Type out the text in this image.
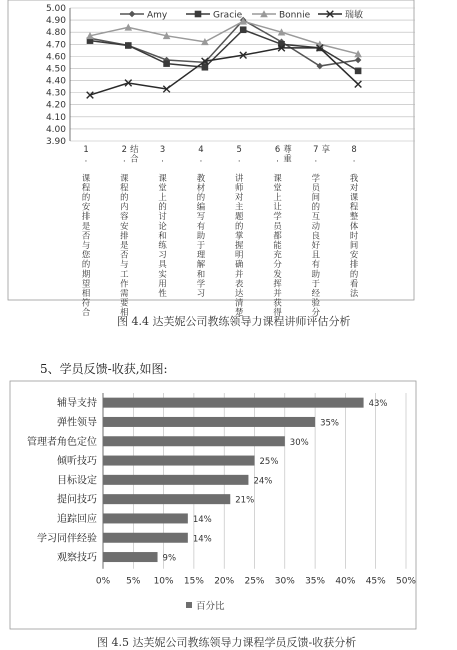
3.90
4.00
4.10
4.20
4.30
4.40
4.50
4.60
4.70
4.80
4.90
5.00
Amy	Gracie	Bonnie	瑞敏
1
.
课
程
的
安
排
是
否
与
您
的
期
望
相
符
合
2
.
课
程
的
内
容
安
排
是
否
与
工
作
需
要
相
结
合
3
.
课
堂
上
的
讨
论
和
练
习
具
实
用
性
4
.
教
材
的
编
写
有
助
于
理
解
和
学
习
5
.
讲
师
对
主
题
的
掌
握
明
确
并
表
达
清
楚
6
.
课
堂
上
让
学
员
都
能
充
分
发
挥
并
获
得
尊
重
7
.
学
员
间
的
互
动
良
好
且
有
助
于
经
验
分
享	8
.
我
对
课
程
整
体
时
间
安
排
的
看
法
图 4.4 达芙妮公司教练领导力课程讲师评估分析
5、学员反馈-收获,如图:
0% 5% 10% 15% 20% 25% 30% 35% 40% 45% 50%
辅导支持	43%
弹性领导	35%
管理者角色定位	30%
倾听技巧	25%
目标设定	24%
提问技巧	21%
追踪回应	14%
学习同伴经验	14%
观察技巧	9%
百分比
图 4.5 达芙妮公司教练领导力课程学员反馈-收获分析
